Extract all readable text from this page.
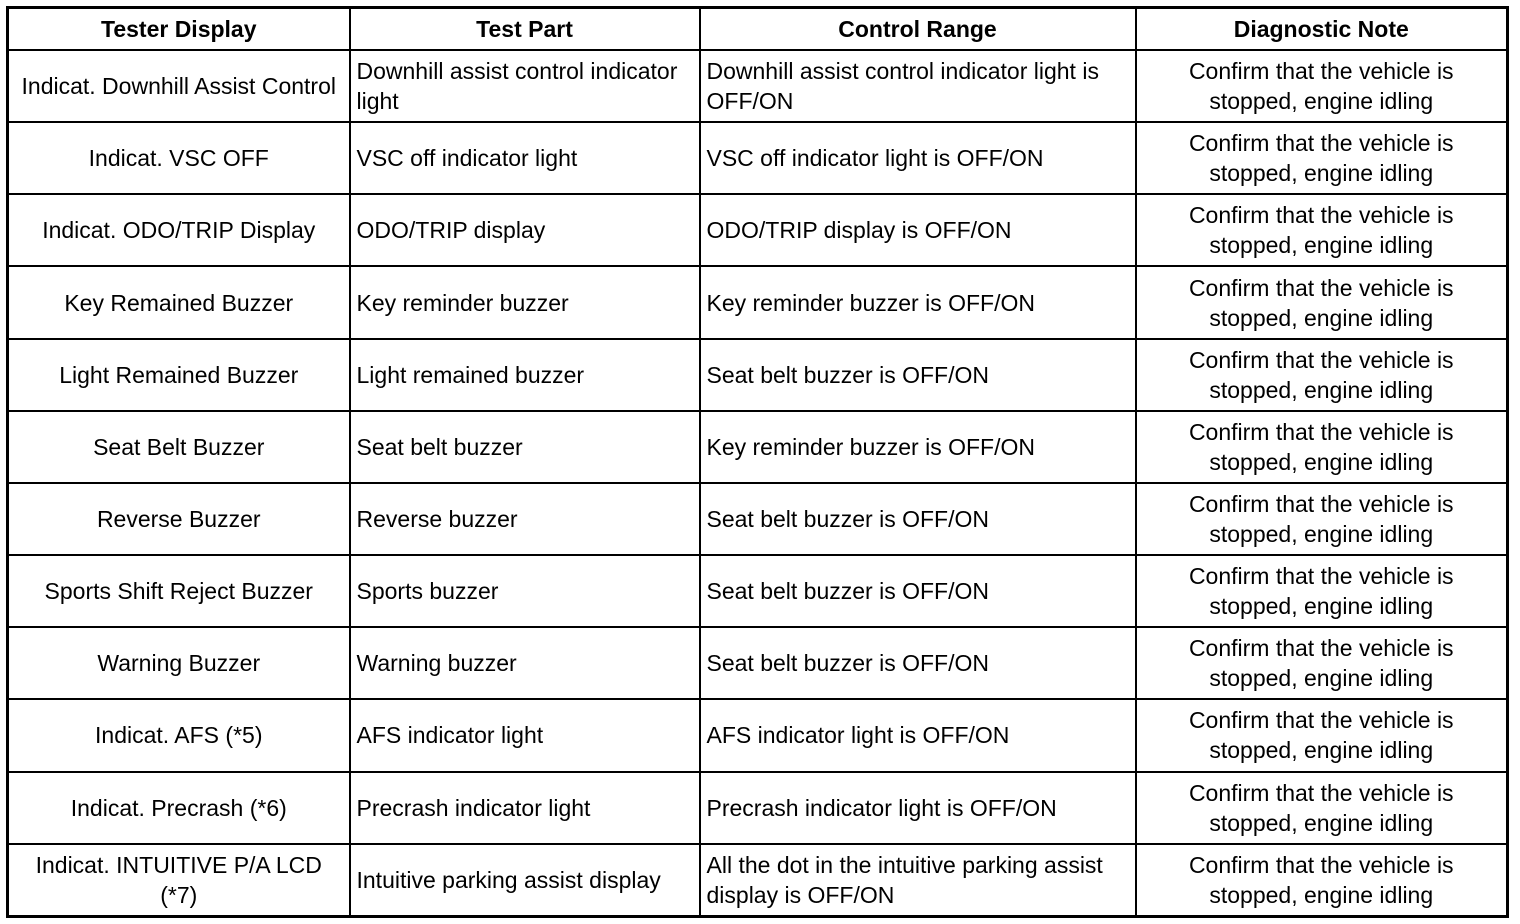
Tester Display	Test Part	Control Range	Diagnostic Note
Indicat. Downhill Assist Control	Downhill assist control indicator light	Downhill assist control indicator light is OFF/ON	Confirm that the vehicle is stopped, engine idling
Indicat. VSC OFF	VSC off indicator light	VSC off indicator light is OFF/ON	Confirm that the vehicle is stopped, engine idling
Indicat. ODO/TRIP Display	ODO/TRIP display	ODO/TRIP display is OFF/ON	Confirm that the vehicle is stopped, engine idling
Key Remained Buzzer	Key reminder buzzer	Key reminder buzzer is OFF/ON	Confirm that the vehicle is stopped, engine idling
Light Remained Buzzer	Light remained buzzer	Seat belt buzzer is OFF/ON	Confirm that the vehicle is stopped, engine idling
Seat Belt Buzzer	Seat belt buzzer	Key reminder buzzer is OFF/ON	Confirm that the vehicle is stopped, engine idling
Reverse Buzzer	Reverse buzzer	Seat belt buzzer is OFF/ON	Confirm that the vehicle is stopped, engine idling
Sports Shift Reject Buzzer	Sports buzzer	Seat belt buzzer is OFF/ON	Confirm that the vehicle is stopped, engine idling
Warning Buzzer	Warning buzzer	Seat belt buzzer is OFF/ON	Confirm that the vehicle is stopped, engine idling
Indicat. AFS (*5)	AFS indicator light	AFS indicator light is OFF/ON	Confirm that the vehicle is stopped, engine idling
Indicat. Precrash (*6)	Precrash indicator light	Precrash indicator light is OFF/ON	Confirm that the vehicle is stopped, engine idling
Indicat. INTUITIVE P/A LCD (*7)	Intuitive parking assist display	All the dot in the intuitive parking assist display is OFF/ON	Confirm that the vehicle is stopped, engine idling
